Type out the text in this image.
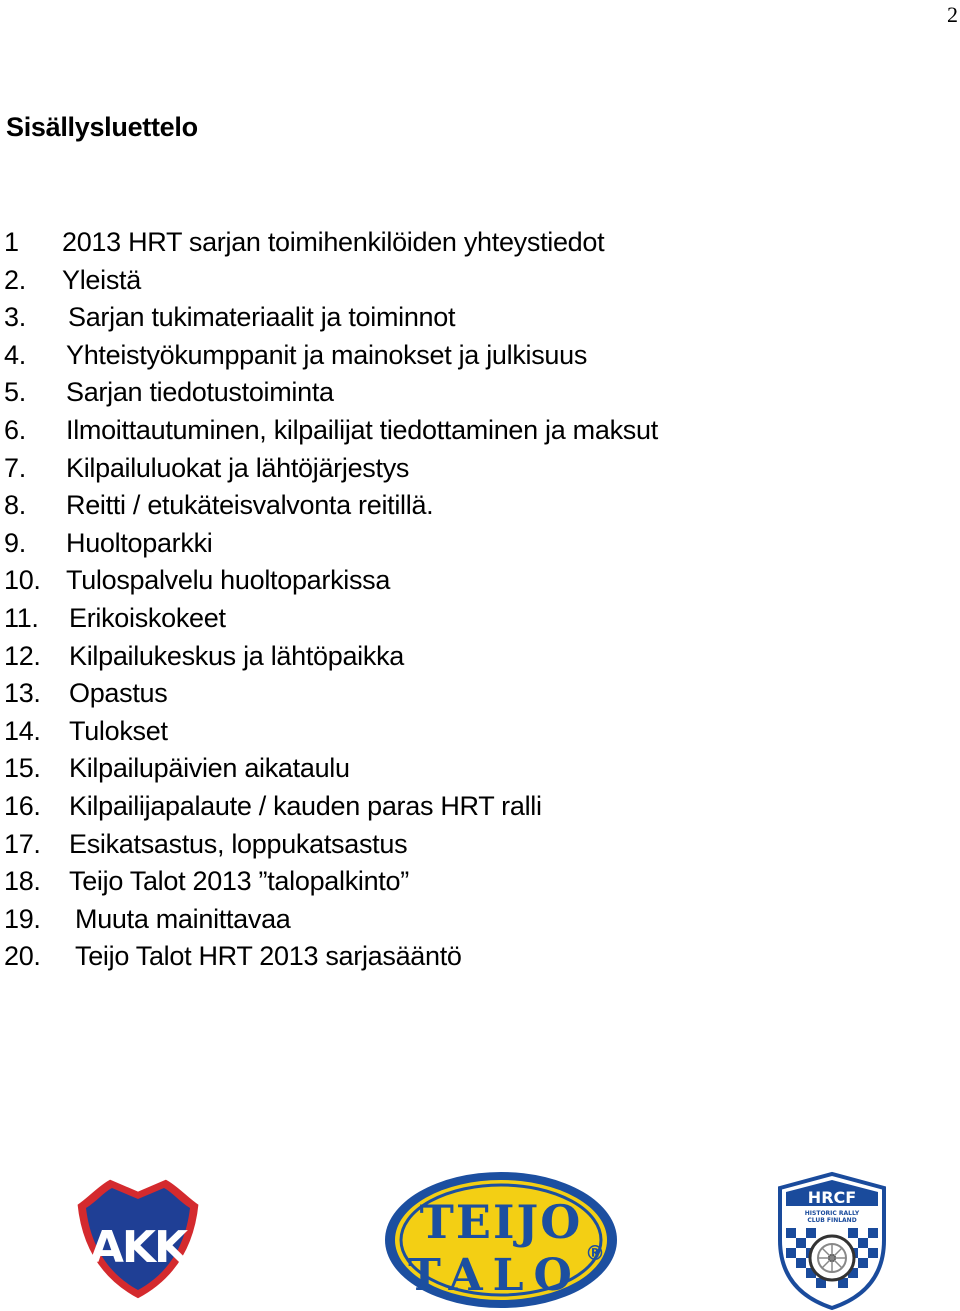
2
Sisällysluettelo
1 2013 HRT sarjan toimihenkilöiden yhteystiedot
2. Yleistä
3. Sarjan tukimateriaalit ja toiminnot
4. Yhteistyökumppanit ja mainokset ja julkisuus
5. Sarjan tiedotustoiminta
6. Ilmoittautuminen, kilpailijat tiedottaminen ja maksut
7. Kilpailuluokat ja lähtöjärjestys
8. Reitti / etukäteisvalvonta reitillä.
9. Huoltoparkki
10. Tulospalvelu huoltoparkissa
11. Erikoiskokeet
12. Kilpailukeskus ja lähtöpaikka
13. Opastus
14. Tulokset
15. Kilpailupäivien aikataulu
16. Kilpailijapalaute / kauden paras HRT ralli
17. Esikatsastus, loppukatsastus
18. Teijo Talot 2013 ”talopalkinto”
19. Muuta mainittavaa
20. Teijo Talot HRT 2013 sarjasääntö
AKK	TEIJO
TALO ®
HRCF
HISTORIC RALLY
CLUB FINLAND
